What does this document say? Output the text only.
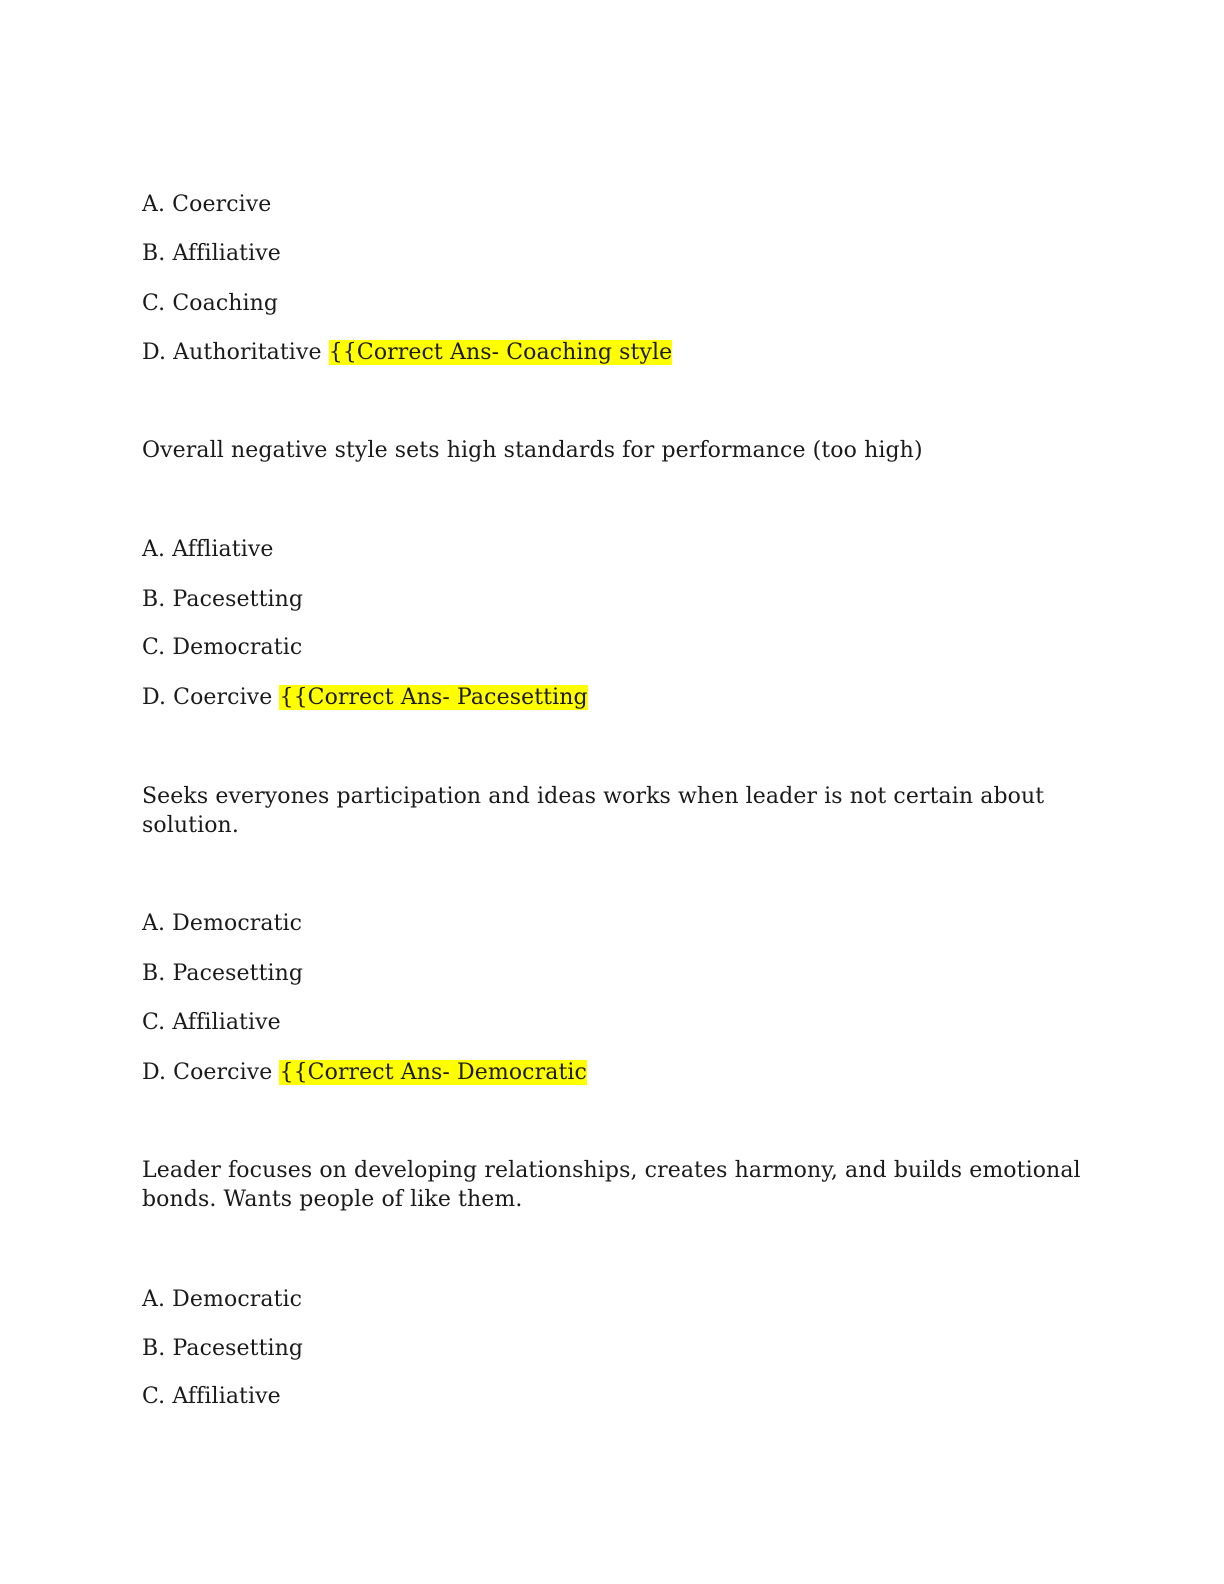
A. Coercive

B. Affiliative

C. Coaching

D. Authoritative {{Correct Ans- Coaching style

Overall negative style sets high standards for performance (too high)

A. Affliative

B. Pacesetting

C. Democratic

D. Coercive {{Correct Ans- Pacesetting

Seeks everyones participation and ideas works when leader is not certain about

solution.

A. Democratic

B. Pacesetting

C. Affiliative

D. Coercive {{Correct Ans- Democratic

Leader focuses on developing relationships, creates harmony, and builds emotional

bonds. Wants people of like them.

A. Democratic

B. Pacesetting

C. Affiliative
